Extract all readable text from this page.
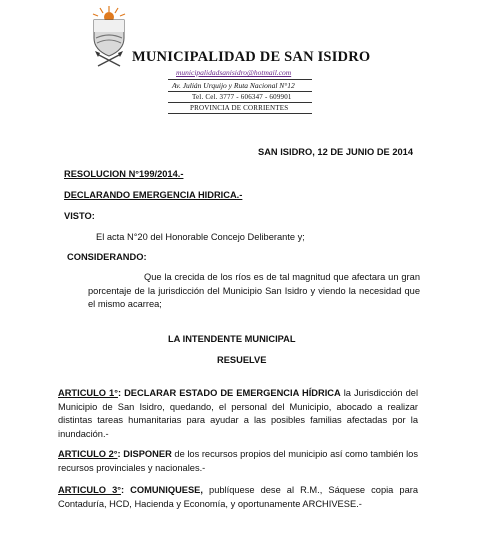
MUNICIPALIDAD DE SAN ISIDRO
municipalidadsanisidro@hotmail.com
Av. Julián Urquijo y Ruta Nacional N°12
Tel. Cel. 3777 - 606347 - 609901
PROVINCIA DE CORRIENTES
SAN ISIDRO, 12 DE JUNIO DE 2014
RESOLUCION N°199/2014.-
DECLARANDO EMERGENCIA HIDRICA.-
VISTO:
El acta N°20 del Honorable Concejo Deliberante y;
CONSIDERANDO:
Que la crecida de los ríos es de tal magnitud que afectara un gran porcentaje de la jurisdicción del Municipio San Isidro y viendo la necesidad que el mismo acarrea;
LA INTENDENTE MUNICIPAL
RESUELVE
ARTICULO 1°: DECLARAR ESTADO DE EMERGENCIA HÍDRICA la Jurisdicción del Municipio de San Isidro, quedando, el personal del Municipio, abocado a realizar distintas tareas humanitarias para ayudar a las posibles familias afectadas por la inundación.-
ARTICULO 2°: DISPONER de los recursos propios del municipio así como también los recursos provinciales y nacionales.-
ARTICULO 3°: COMUNIQUESE, publíquese dese al R.M., Sáquese copia para Contaduría, HCD, Hacienda y Economía, y oportunamente ARCHIVESE.-
